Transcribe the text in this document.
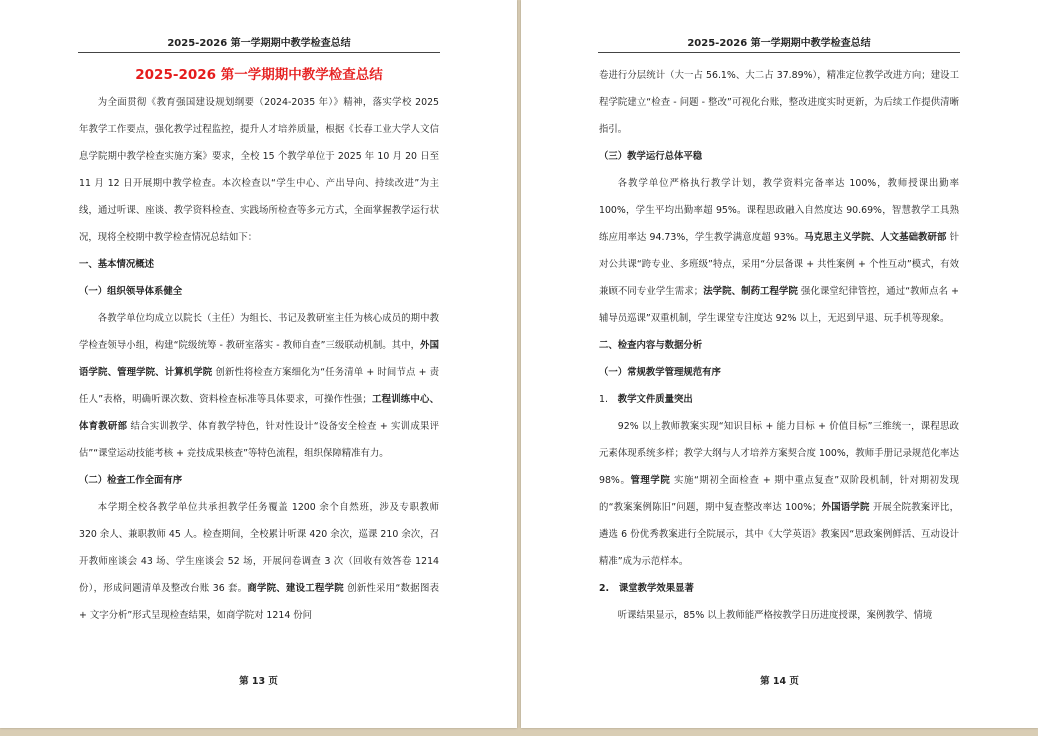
2025-2026 第一学期期中教学检查总结

2025-2026 第一学期期中教学检查总结

为全面贯彻《教育强国建设规划纲要（2024-2035 年）》精神，落实学校 2025 年教学工作要点，强化教学过程监控，提升人才培养质量，根据《长春工业大学人文信息学院期中教学检查实施方案》要求，全校 15 个教学单位于 2025 年 10 月 20 日至 11 月 12 日开展期中教学检查。本次检查以“学生中心、产出导向、持续改进”为主线，通过听课、座谈、教学资料检查、实践场所检查等多元方式，全面掌握教学运行状况，现将全校期中教学检查情况总结如下：

一、基本情况概述

（一）组织领导体系健全

各教学单位均成立以院长（主任）为组长、书记及教研室主任为核心成员的期中教学检查领导小组，构建“院级统筹 - 教研室落实 - 教师自查”三级联动机制。其中，外国语学院、管理学院、计算机学院 创新性将检查方案细化为“任务清单 + 时间节点 + 责任人”表格，明确听课次数、资料检查标准等具体要求，可操作性强；工程训练中心、体育教研部 结合实训教学、体育教学特色，针对性设计“设备安全检查 + 实训成果评估”“课堂运动技能考核 + 竞技成果核查”等特色流程，组织保障精准有力。

（二）检查工作全面有序

本学期全校各教学单位共承担教学任务覆盖 1200 余个自然班，涉及专职教师 320 余人、兼职教师 45 人。检查期间，全校累计听课 420 余次，巡课 210 余次，召开教师座谈会 43 场、学生座谈会 52 场，开展问卷调查 3 次（回收有效答卷 1214 份），形成问题清单及整改台账 36 套。商学院、建设工程学院 创新性采用“数据图表 + 文字分析”形式呈现检查结果，如商学院对 1214 份问

第 13 页
2025-2026 第一学期期中教学检查总结

卷进行分层统计（大一占 56.1%、大二占 37.89%），精准定位教学改进方向；建设工程学院建立“检查 - 问题 - 整改”可视化台账，整改进度实时更新，为后续工作提供清晰指引。

（三）教学运行总体平稳

各教学单位严格执行教学计划，教学资料完备率达 100%，教师授课出勤率 100%，学生平均出勤率超 95%。课程思政融入自然度达 90.69%，智慧教学工具熟练应用率达 94.73%，学生教学满意度超 93%。马克思主义学院、人文基础教研部 针对公共课“跨专业、多班级”特点，采用“分层备课 + 共性案例 + 个性互动”模式，有效兼顾不同专业学生需求；法学院、制药工程学院 强化课堂纪律管控，通过“教师点名 + 辅导员巡课”双重机制，学生课堂专注度达 92% 以上，无迟到早退、玩手机等现象。

二、检查内容与数据分析

（一）常规教学管理规范有序

1. 教学文件质量突出

92% 以上教师教案实现“知识目标 + 能力目标 + 价值目标”三维统一，课程思政元素体现系统多样；教学大纲与人才培养方案契合度 100%，教师手册记录规范化率达 98%。管理学院 实施“期初全面检查 + 期中重点复查”双阶段机制，针对期初发现的“教案案例陈旧”问题，期中复查整改率达 100%；外国语学院 开展全院教案评比，遴选 6 份优秀教案进行全院展示，其中《大学英语》教案因“思政案例鲜活、互动设计精准”成为示范样本。

2. 课堂教学效果显著

听课结果显示，85% 以上教师能严格按教学日历进度授课，案例教学、情境

第 14 页
